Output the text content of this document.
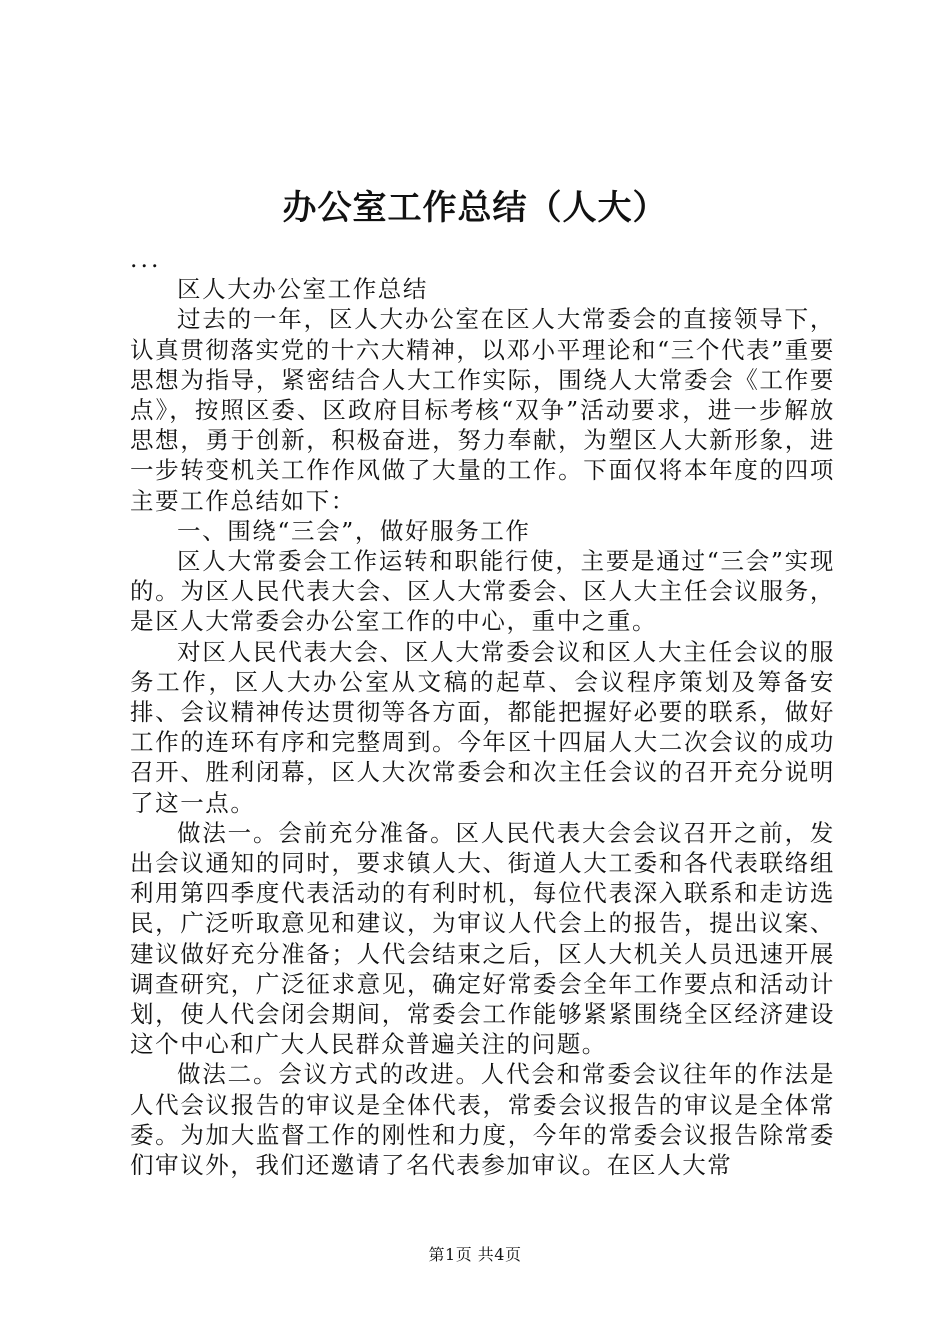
办公室工作总结（人大）

...

区人大办公室工作总结

过去的一年，区人大办公室在区人大常委会的直接领导下，认真贯彻落实党的十六大精神，以邓小平理论和“三个代表”重要思想为指导，紧密结合人大工作实际，围绕人大常委会《工作要点》，按照区委、区政府目标考核“双争”活动要求，进一步解放思想，勇于创新，积极奋进，努力奉献，为塑区人大新形象，进一步转变机关工作作风做了大量的工作。下面仅将本年度的四项主要工作总结如下：

一、围绕“三会”，做好服务工作

区人大常委会工作运转和职能行使，主要是通过“三会”实现的。为区人民代表大会、区人大常委会、区人大主任会议服务，是区人大常委会办公室工作的中心，重中之重。

对区人民代表大会、区人大常委会议和区人大主任会议的服务工作，区人大办公室从文稿的起草、会议程序策划及筹备安排、会议精神传达贯彻等各方面，都能把握好必要的联系，做好工作的连环有序和完整周到。今年区十四届人大二次会议的成功召开、胜利闭幕，区人大次常委会和次主任会议的召开充分说明了这一点。

做法一。会前充分准备。区人民代表大会会议召开之前，发出会议通知的同时，要求镇人大、街道人大工委和各代表联络组利用第四季度代表活动的有利时机，每位代表深入联系和走访选民，广泛听取意见和建议，为审议人代会上的报告，提出议案、建议做好充分准备；人代会结束之后，区人大机关人员迅速开展调查研究，广泛征求意见，确定好常委会全年工作要点和活动计划，使人代会闭会期间，常委会工作能够紧紧围绕全区经济建设这个中心和广大人民群众普遍关注的问题。

做法二。会议方式的改进。人代会和常委会议往年的作法是人代会议报告的审议是全体代表，常委会议报告的审议是全体常委。为加大监督工作的刚性和力度，今年的常委会议报告除常委们审议外，我们还邀请了名代表参加审议。在区人大常

第1页 共4页
